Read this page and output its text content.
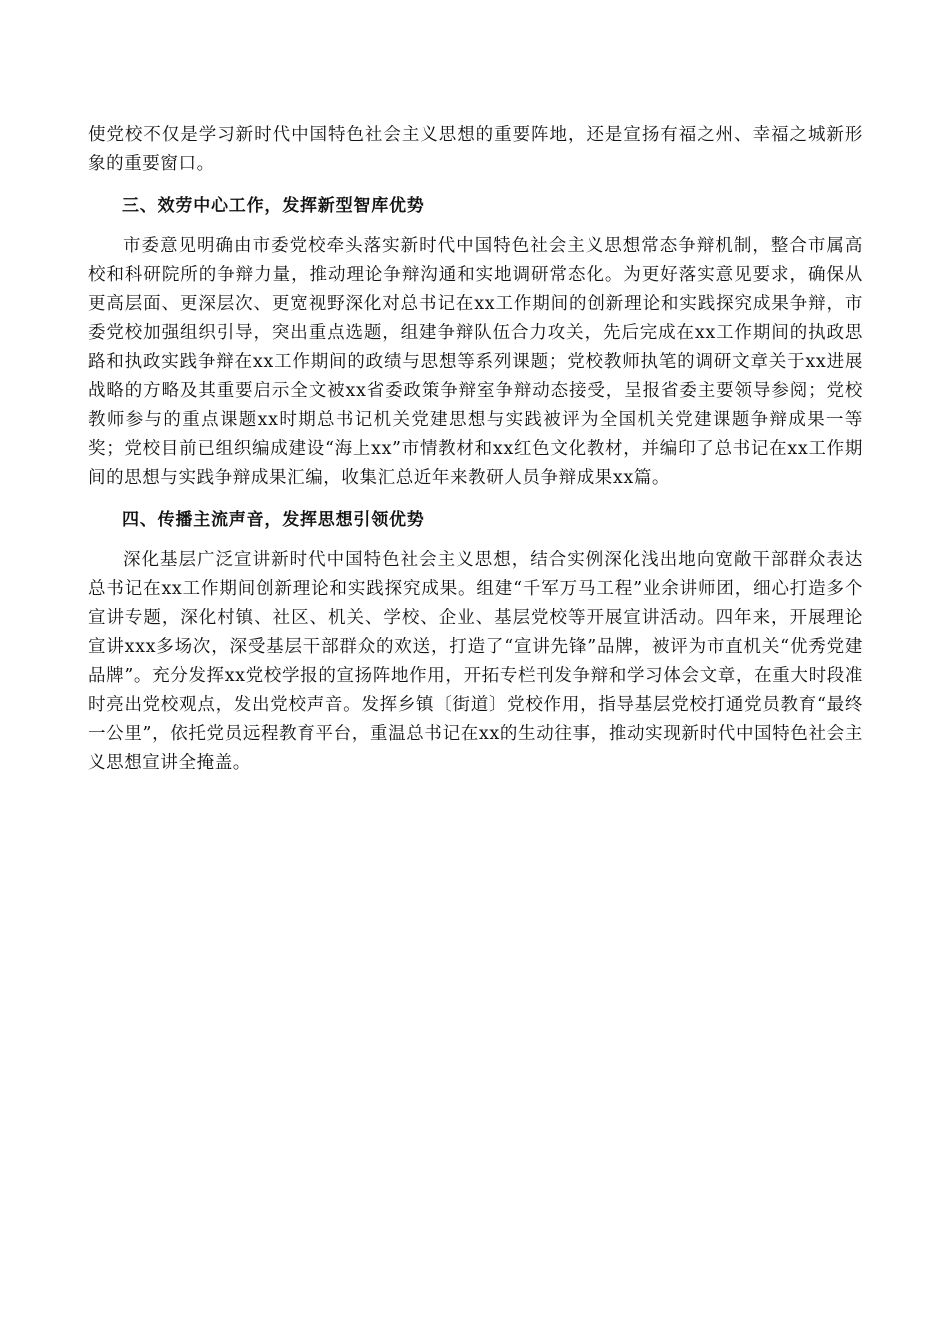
使党校不仅是学习新时代中国特色社会主义思想的重要阵地，还是宣扬有福之州、幸福之城新形象的重要窗口。

三、效劳中心工作，发挥新型智库优势

市委意见明确由市委党校牵头落实新时代中国特色社会主义思想常态争辩机制，整合市属高校和科研院所的争辩力量，推动理论争辩沟通和实地调研常态化。为更好落实意见要求，确保从更高层面、更深层次、更宽视野深化对总书记在xx工作期间的创新理论和实践探究成果争辩，市委党校加强组织引导，突出重点选题，组建争辩队伍合力攻关，先后完成在xx工作期间的执政思路和执政实践争辩在xx工作期间的政绩与思想等系列课题；党校教师执笔的调研文章关于xx进展战略的方略及其重要启示全文被xx省委政策争辩室争辩动态接受，呈报省委主要领导参阅；党校教师参与的重点课题xx时期总书记机关党建思想与实践被评为全国机关党建课题争辩成果一等奖；党校目前已组织编成建设“海上xx”市情教材和xx红色文化教材，并编印了总书记在xx工作期间的思想与实践争辩成果汇编，收集汇总近年来教研人员争辩成果xx篇。

四、传播主流声音，发挥思想引领优势

深化基层广泛宣讲新时代中国特色社会主义思想，结合实例深化浅出地向宽敞干部群众表达总书记在xx工作期间创新理论和实践探究成果。组建“千军万马工程”业余讲师团，细心打造多个宣讲专题，深化村镇、社区、机关、学校、企业、基层党校等开展宣讲活动。四年来，开展理论宣讲xxx多场次，深受基层干部群众的欢送，打造了“宣讲先锋”品牌，被评为市直机关“优秀党建品牌”。充分发挥xx党校学报的宣扬阵地作用，开拓专栏刊发争辩和学习体会文章，在重大时段准时亮出党校观点，发出党校声音。发挥乡镇〔街道〕党校作用，指导基层党校打通党员教育“最终一公里”，依托党员远程教育平台，重温总书记在xx的生动往事，推动实现新时代中国特色社会主义思想宣讲全掩盖。
